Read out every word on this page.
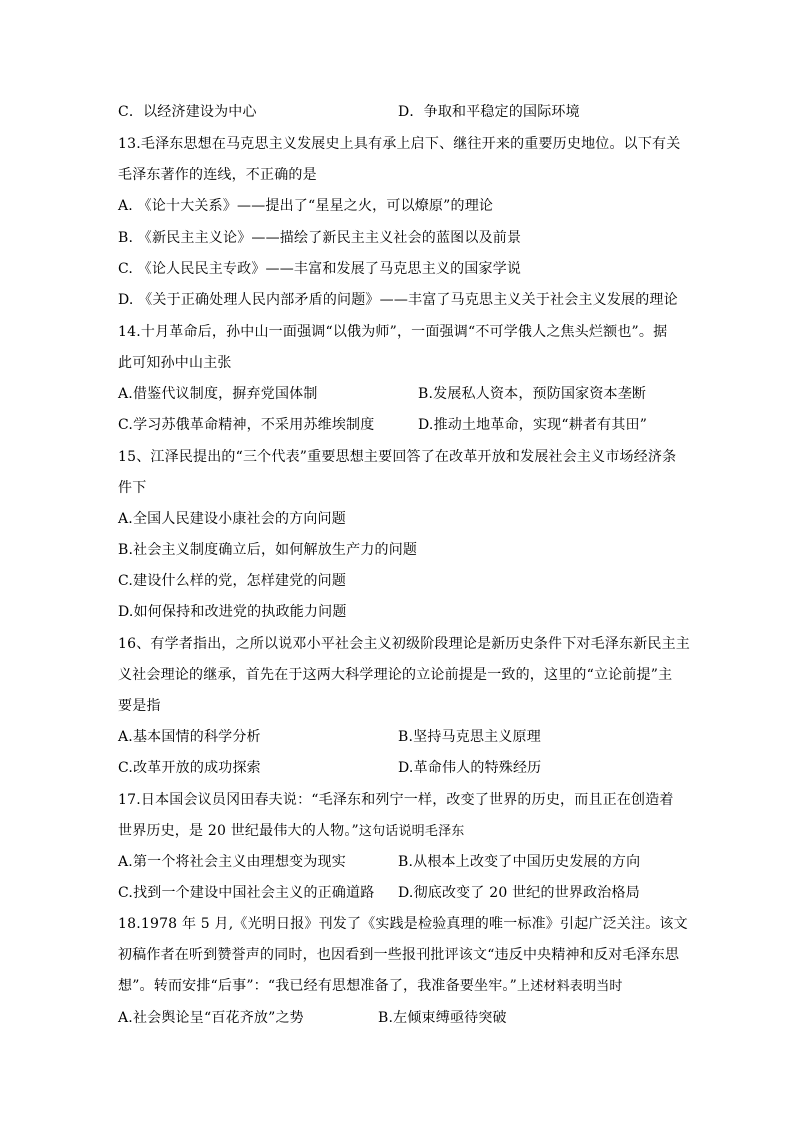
C．以经济建设为中心	D．争取和平稳定的国际环境
13.毛泽东思想在马克思主义发展史上具有承上启下、继往开来的重要历史地位。以下有关
毛泽东著作的连线，不正确的是
A. 《论十大关系》——提出了“星星之火，可以燎原”的理论
B. 《新民主主义论》——描绘了新民主主义社会的蓝图以及前景
C. 《论人民民主专政》——丰富和发展了马克思主义的国家学说
D. 《关于正确处理人民内部矛盾的问题》——丰富了马克思主义关于社会主义发展的理论
14.十月革命后，孙中山一面强调“以俄为师”，一面强调“不可学俄人之焦头烂额也”。据
此可知孙中山主张
A.借鉴代议制度，摒弃党国体制	B.发展私人资本，预防国家资本垄断
C.学习苏俄革命精神，不采用苏维埃制度	D.推动土地革命，实现“耕者有其田”
15、江泽民提出的“三个代表”重要思想主要回答了在改革开放和发展社会主义市场经济条
件下
A.全国人民建设小康社会的方向问题
B.社会主义制度确立后，如何解放生产力的问题
C.建设什么样的党，怎样建党的问题
D.如何保持和改进党的执政能力问题
16、有学者指出，之所以说邓小平社会主义初级阶段理论是新历史条件下对毛泽东新民主主
义社会理论的继承，首先在于这两大科学理论的立论前提是一致的，这里的“立论前提”主
要是指
A.基本国情的科学分析	B.坚持马克思主义原理
C.改革开放的成功探索	D.革命伟人的特殊经历
17.日本国会议员冈田春夫说：“毛泽东和列宁一样，改变了世界的历史，而且正在创造着
世界历史，是 20 世纪最伟大的人物。”这句话说明毛泽东
A.第一个将社会主义由理想变为现实	B.从根本上改变了中国历史发展的方向
C.找到一个建设中国社会主义的正确道路 D.彻底改变了 20 世纪的世界政治格局
18.1978 年 5 月,《光明日报》刊发了《实践是检验真理的唯一标准》引起广泛关注。该文
初稿作者在听到赞誉声的同时，也因看到一些报刊批评该文“违反中央精神和反对毛泽东思
想”。转而安排“后事”：“我已经有思想准备了，我准备要坐牢。”上述材料表明当时
A.社会舆论呈“百花齐放”之势	B.左倾束缚亟待突破
